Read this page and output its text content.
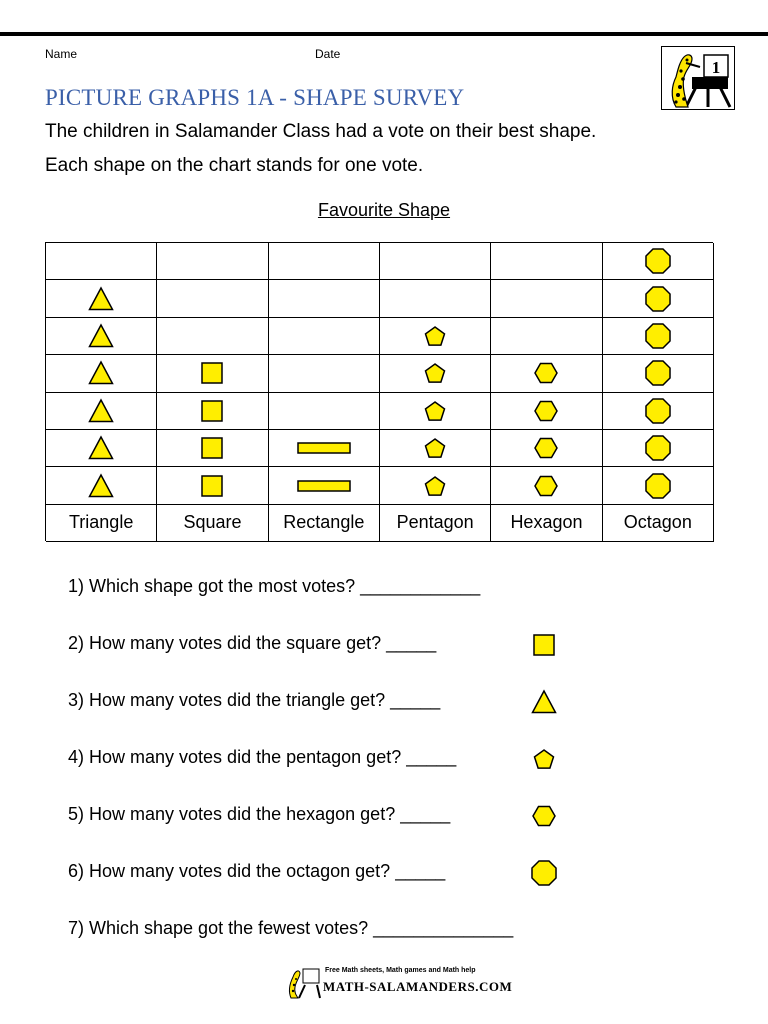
Name	Date
1
PICTURE GRAPHS 1A - SHAPE SURVEY

The children in Salamander Class had a vote on their best shape.

Each shape on the chart stands for one vote.

Favourite Shape
Triangle	Square	Rectangle	Pentagon	Hexagon	Octagon
1) Which shape got the most votes? ____________
2) How many votes did the square get? _____
3) How many votes did the triangle get? _____
4) How many votes did the pentagon get? _____
5) How many votes did the hexagon get? _____
6) How many votes did the octagon get? _____
7) Which shape got the fewest votes? ______________
Free Math sheets, Math games and Math help
MATH-SALAMANDERS.COM
